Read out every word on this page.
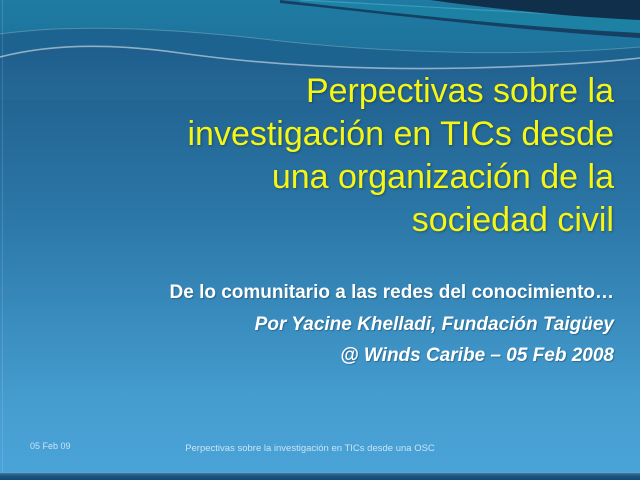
Perpectivas sobre la
investigación en TICs desde
una organización de la
sociedad civil
De lo comunitario a las redes del conocimiento…
Por Yacine Khelladi, Fundación Taigüey
@ Winds Caribe – 05 Feb 2008
05 Feb 09	Perpectivas sobre la investigación en TICs desde una OSC
